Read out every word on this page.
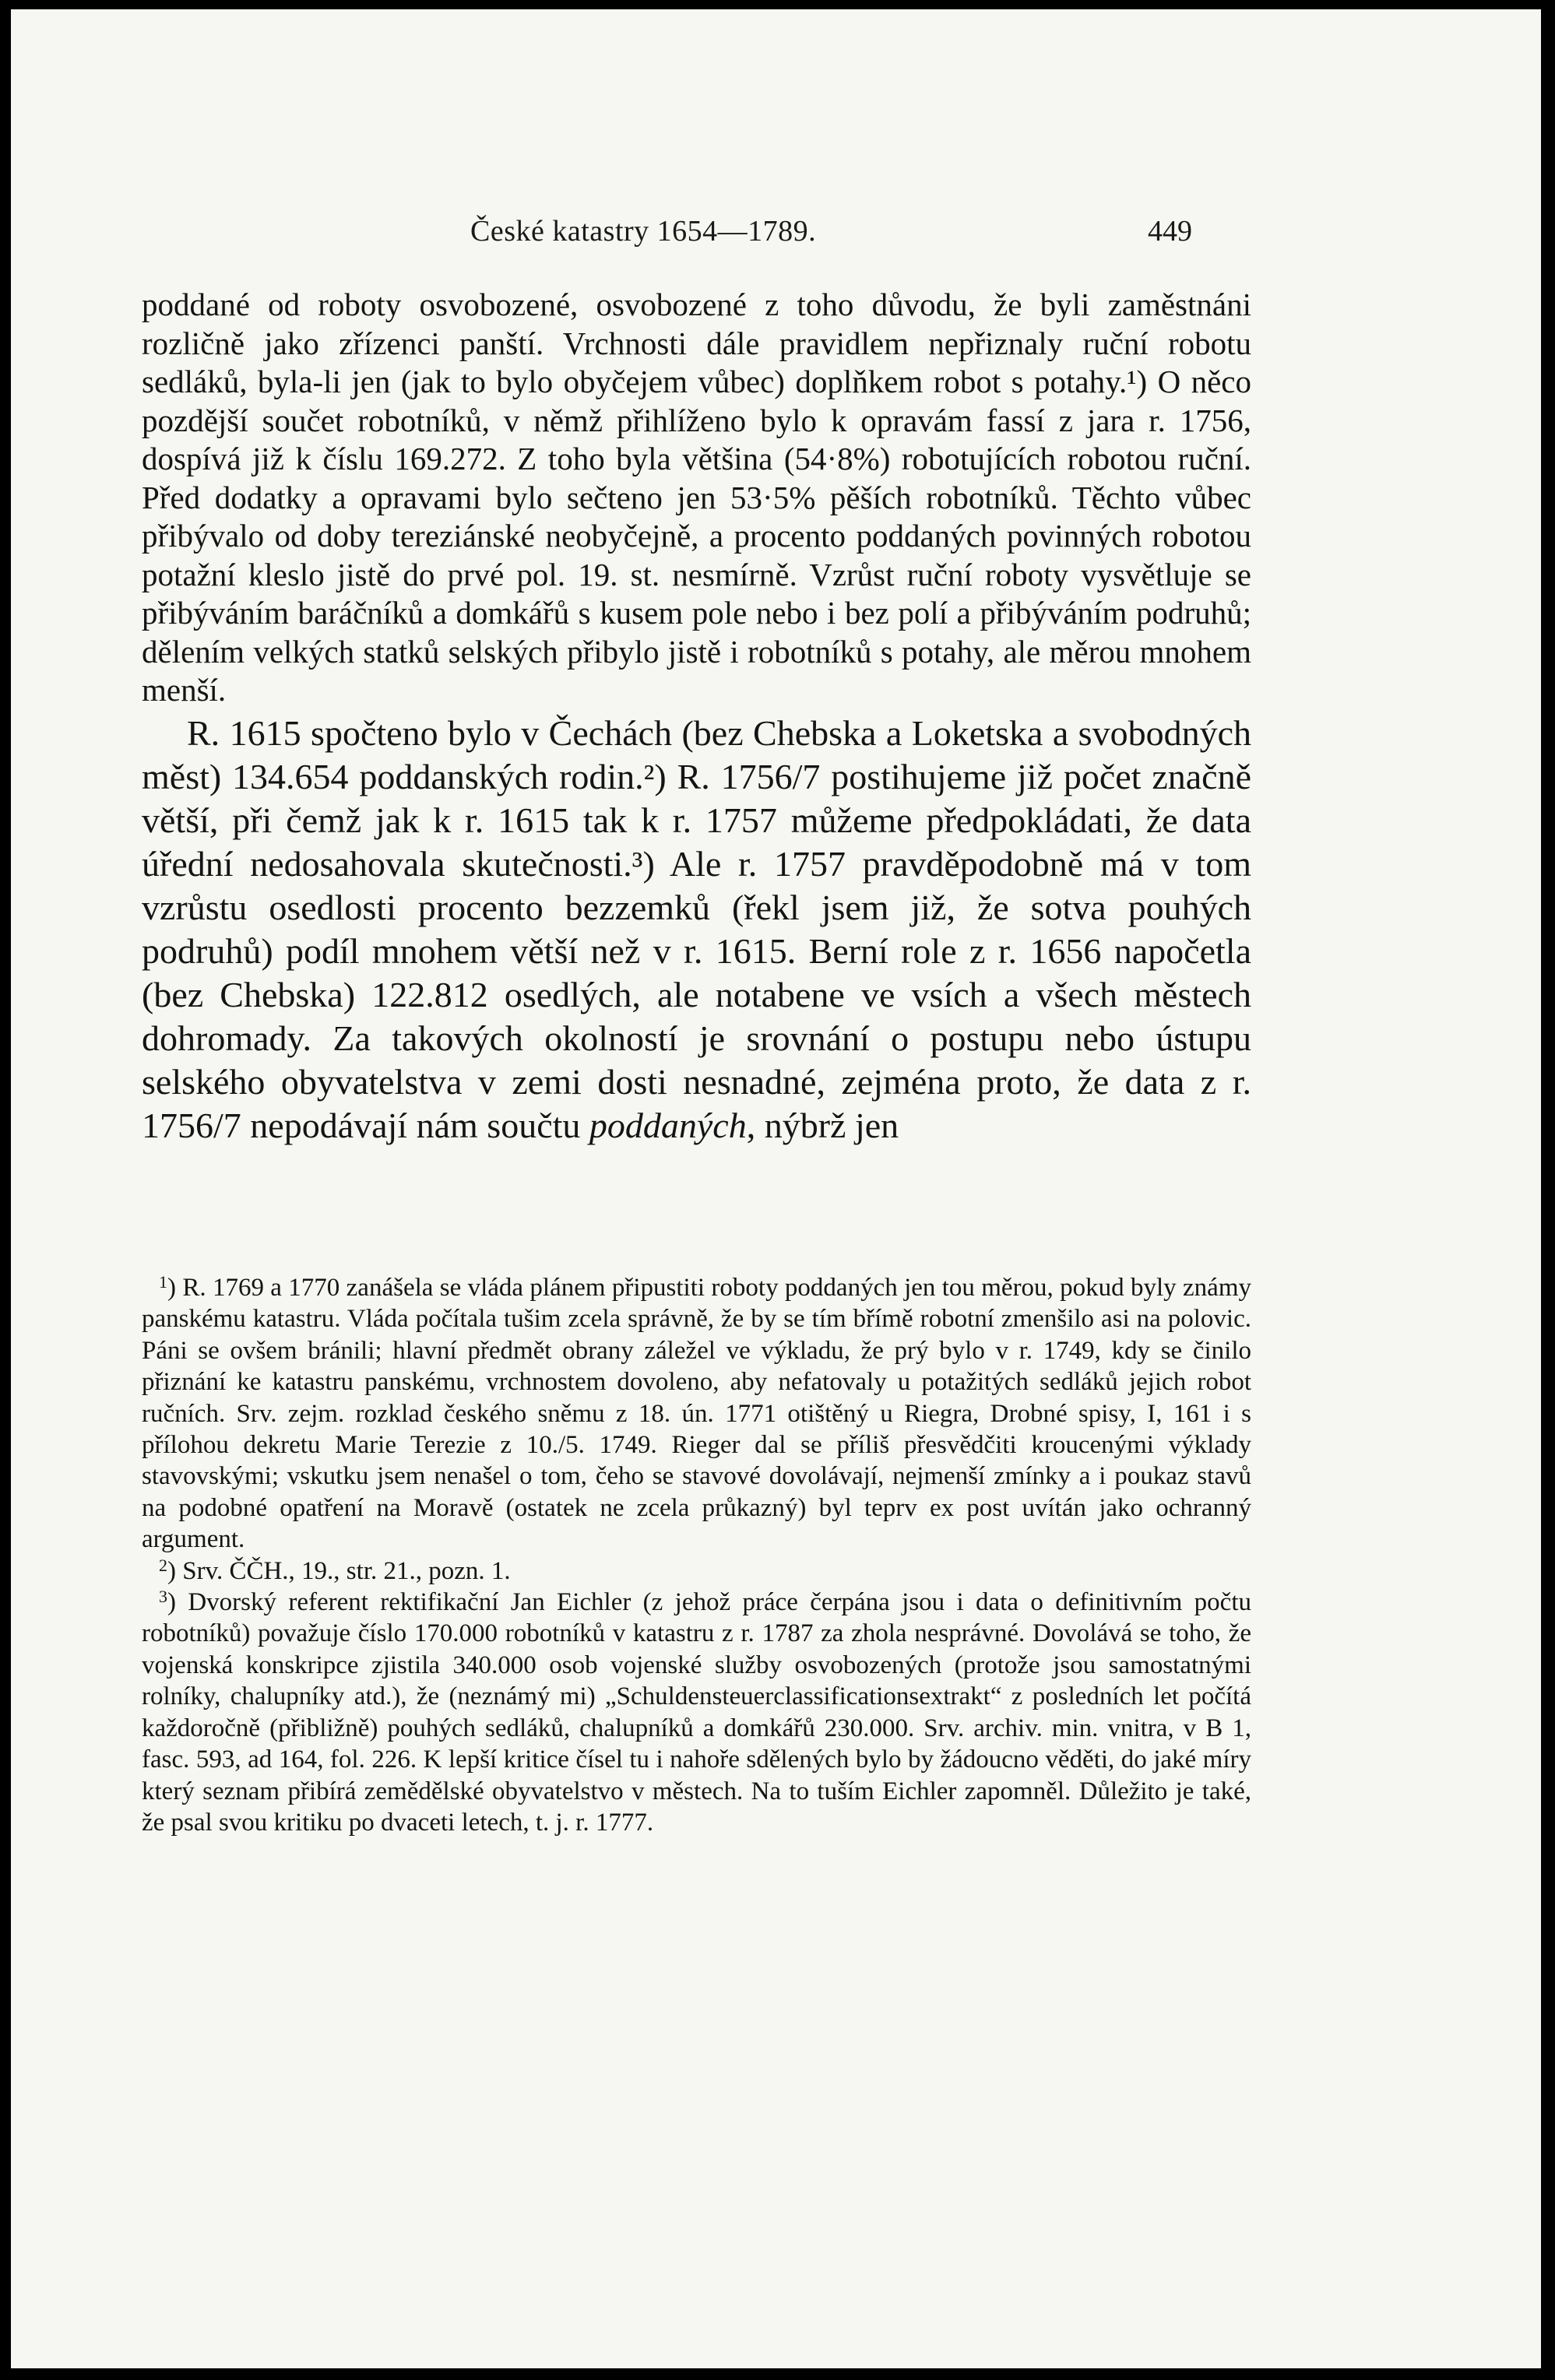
České katastry 1654—1789.	449

poddané od roboty osvobozené, osvobozené z toho důvodu, že byli zaměstnáni rozličně jako zřízenci panští. Vrchnosti dále pravidlem nepřiznaly ruční robotu sedláků, byla-li jen (jak to bylo obyčejem vůbec) doplňkem robot s potahy.¹) O něco pozdější součet robotníků, v němž přihlíženo bylo k opravám fassí z jara r. 1756, dospívá již k číslu 169.272. Z toho byla většina (54·8%) robotujících robotou ruční. Před dodatky a opravami bylo sečteno jen 53·5% pěších robotníků. Těchto vůbec přibývalo od doby tereziánské neobyčejně, a procento poddaných povinných robotou potažní kleslo jistě do prvé pol. 19. st. nesmírně. Vzrůst ruční roboty vysvětluje se přibýváním baráčníků a domkářů s kusem pole nebo i bez polí a přibýváním podruhů; dělením velkých statků selských přibylo jistě i robotníků s potahy, ale měrou mnohem menší.

R. 1615 spočteno bylo v Čechách (bez Chebska a Loketska a svobodných měst) 134.654 poddanských rodin.²) R. 1756/7 postihujeme již počet značně větší, při čemž jak k r. 1615 tak k r. 1757 můžeme předpokládati, že data úřední nedosahovala skutečnosti.³) Ale r. 1757 pravděpodobně má v tom vzrůstu osedlosti procento bezzemků (řekl jsem již, že sotva pouhých podruhů) podíl mnohem větší než v r. 1615. Berní role z r. 1656 napočetla (bez Chebska) 122.812 osedlých, ale notabene ve vsích a všech městech dohromady. Za takových okolností je srovnání o postupu nebo ústupu selského obyvatelstva v zemi dosti nesnadné, zejména proto, že data z r. 1756/7 nepodávají nám součtu poddaných, nýbrž jen

$^1$) R. 1769 a 1770 zanášela se vláda plánem připustiti roboty poddaných jen tou měrou, pokud byly známy panskému katastru. Vláda počítala tušim zcela správně, že by se tím břímě robotní zmenšilo asi na polovic. Páni se ovšem bránili; hlavní předmět obrany záležel ve výkladu, že prý bylo v r. 1749, kdy se činilo přiznání ke katastru panskému, vrchnostem dovoleno, aby nefatovaly u potažitých sedláků jejich robot ručních. Srv. zejm. rozklad českého sněmu z 18. ún. 1771 otištěný u Riegra, Drobné spisy, I, 161 i s přílohou dekretu Marie Terezie z 10./5. 1749. Rieger dal se příliš přesvědčiti kroucenými výklady stavovskými; vskutku jsem nenašel o tom, čeho se stavové dovolávají, nejmenší zmínky a i poukaz stavů na podobné opatření na Moravě (ostatek ne zcela průkazný) byl teprv ex post uvítán jako ochranný argument.

$^2$) Srv. ČČH., 19., str. 21., pozn. 1.

$^3$) Dvorský referent rektifikační Jan Eichler (z jehož práce čerpána jsou i data o definitivním počtu robotníků) považuje číslo 170.000 robotníků v katastru z r. 1787 za zhola nesprávné. Dovolává se toho, že vojenská konskripce zjistila 340.000 osob vojenské služby osvobozených (protože jsou samostatnými rolníky, chalupníky atd.), že (neznámý mi) „Schuldensteuerclassificationsextrakt“ z posledních let počítá každoročně (přibližně) pouhých sedláků, chalupníků a domkářů 230.000. Srv. archiv. min. vnitra, v B 1, fasc. 593, ad 164, fol. 226. K lepší kritice čísel tu i nahoře sdělených bylo by žádoucno věděti, do jaké míry který seznam přibírá zemědělské obyvatelstvo v městech. Na to tuším Eichler zapomněl. Důležito je také, že psal svou kritiku po dvaceti letech, t. j. r. 1777.
